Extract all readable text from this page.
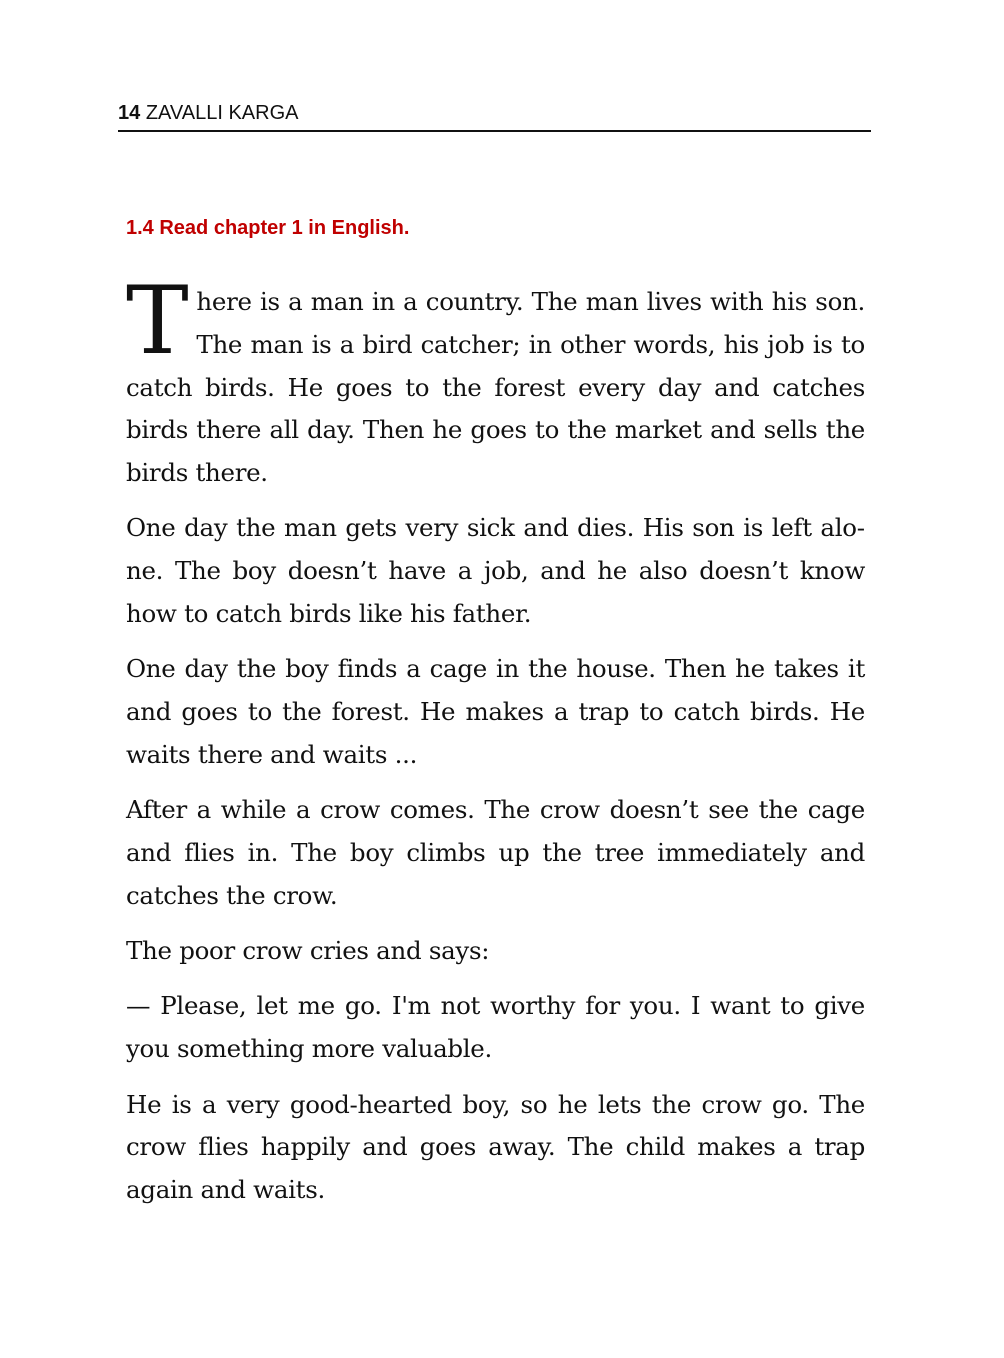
14 ZAVALLI KARGA
1.4 Read chapter 1 in English.

There is a man in a country. The man lives with his son. The man is a bird catcher; in other words, his job is to catch birds. He goes to the forest every day and catches birds there all day. Then he goes to the market and sells the birds there.

One day the man gets very sick and dies. His son is left alone. The boy doesn’t have a job, and he also doesn’t know how to catch birds like his father.

One day the boy finds a cage in the house. Then he takes it and goes to the forest. He makes a trap to catch birds. He waits there and waits ...

After a while a crow comes. The crow doesn’t see the cage and flies in. The boy climbs up the tree immediately and catches the crow.

The poor crow cries and says:

— Please, let me go. I'm not worthy for you. I want to give you something more valuable.

He is a very good-hearted boy, so he lets the crow go. The crow flies happily and goes away. The child makes a trap again and waits.
